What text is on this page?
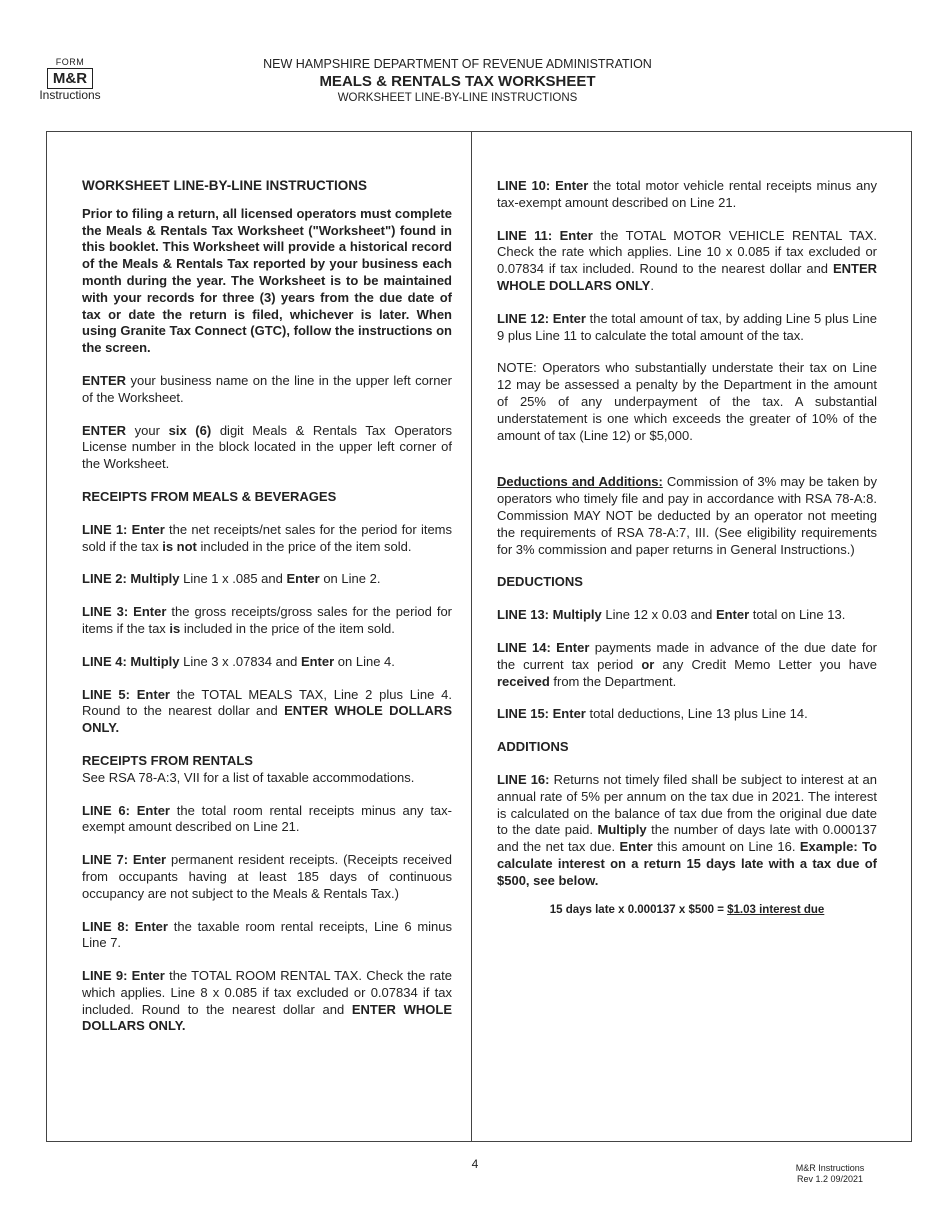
FORM
M&R
Instructions
NEW HAMPSHIRE DEPARTMENT OF REVENUE ADMINISTRATION
MEALS & RENTALS TAX WORKSHEET
WORKSHEET LINE-BY-LINE INSTRUCTIONS

WORKSHEET LINE-BY-LINE INSTRUCTIONS

Prior to filing a return, all licensed operators must complete the Meals & Rentals Tax Worksheet ("Worksheet") found in this booklet. This Worksheet will provide a historical record of the Meals & Rentals Tax reported by your business each month during the year. The Worksheet is to be maintained with your records for three (3) years from the due date of tax or date the return is filed, whichever is later. When using Granite Tax Connect (GTC), follow the instructions on the screen.

ENTER your business name on the line in the upper left corner of the Worksheet.

ENTER your six (6) digit Meals & Rentals Tax Operators License number in the block located in the upper left corner of the Worksheet.

RECEIPTS FROM MEALS & BEVERAGES

LINE 1: Enter the net receipts/net sales for the period for items sold if the tax is not included in the price of the item sold.

LINE 2: Multiply Line 1 x .085 and Enter on Line 2.

LINE 3: Enter the gross receipts/gross sales for the period for items if the tax is included in the price of the item sold.

LINE 4: Multiply Line 3 x .07834 and Enter on Line 4.

LINE 5: Enter the TOTAL MEALS TAX, Line 2 plus Line 4. Round to the nearest dollar and ENTER WHOLE DOLLARS ONLY.

RECEIPTS FROM RENTALS
See RSA 78-A:3, VII for a list of taxable accommodations.

LINE 6: Enter the total room rental receipts minus any tax-exempt amount described on Line 21.

LINE 7: Enter permanent resident receipts. (Receipts received from occupants having at least 185 days of continuous occupancy are not subject to the Meals & Rentals Tax.)

LINE 8: Enter the taxable room rental receipts, Line 6 minus Line 7.

LINE 9: Enter the TOTAL ROOM RENTAL TAX. Check the rate which applies. Line 8 x 0.085 if tax excluded or 0.07834 if tax included. Round to the nearest dollar and ENTER WHOLE DOLLARS ONLY.

LINE 10: Enter the total motor vehicle rental receipts minus any tax-exempt amount described on Line 21.

LINE 11: Enter the TOTAL MOTOR VEHICLE RENTAL TAX. Check the rate which applies. Line 10 x 0.085 if tax excluded or 0.07834 if tax included. Round to the nearest dollar and ENTER WHOLE DOLLARS ONLY.

LINE 12: Enter the total amount of tax, by adding Line 5 plus Line 9 plus Line 11 to calculate the total amount of the tax.

NOTE: Operators who substantially understate their tax on Line 12 may be assessed a penalty by the Department in the amount of 25% of any underpayment of the tax. A substantial understatement is one which exceeds the greater of 10% of the amount of tax (Line 12) or $5,000.

Deductions and Additions: Commission of 3% may be taken by operators who timely file and pay in accordance with RSA 78-A:8. Commission MAY NOT be deducted by an operator not meeting the requirements of RSA 78-A:7, III. (See eligibility requirements for 3% commission and paper returns in General Instructions.)

DEDUCTIONS

LINE 13: Multiply Line 12 x 0.03 and Enter total on Line 13.

LINE 14: Enter payments made in advance of the due date for the current tax period or any Credit Memo Letter you have received from the Department.

LINE 15: Enter total deductions, Line 13 plus Line 14.

ADDITIONS

LINE 16: Returns not timely filed shall be subject to interest at an annual rate of 5% per annum on the tax due in 2021. The interest is calculated on the balance of tax due from the original due date to the date paid. Multiply the number of days late with 0.000137 and the net tax due. Enter this amount on Line 16. Example: To calculate interest on a return 15 days late with a tax due of $500, see below.

15 days late x 0.000137 x $500 = $1.03 interest due

4	M&R Instructions
Rev 1.2 09/2021
